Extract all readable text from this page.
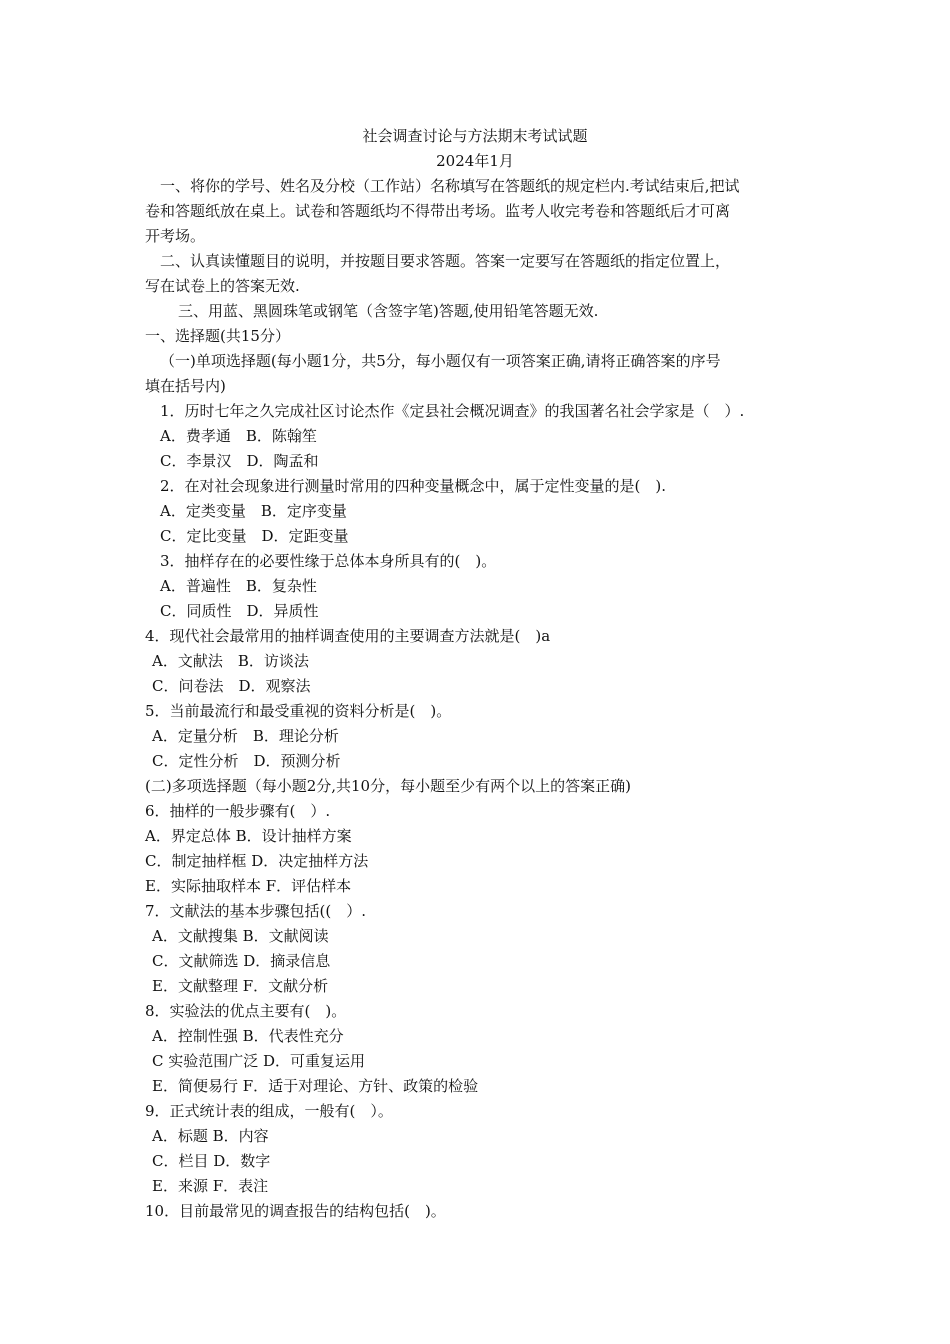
社会调查讨论与方法期末考试试题
2024年1月
一、将你的学号、姓名及分校（工作站）名称填写在答题纸的规定栏内.考试结束后,把试
卷和答题纸放在桌上。试卷和答题纸均不得带出考场。监考人收完考卷和答题纸后才可离
开考场。
二、认真读懂题目的说明，并按题目要求答题。答案一定要写在答题纸的指定位置上，
写在试卷上的答案无效.
三、用蓝、黑圆珠笔或钢笔（含签字笔)答题,使用铅笔答题无效.
一、选择题(共15分）
（一)单项选择题(每小题1分，共5分，每小题仅有一项答案正确,请将正确答案的序号
填在括号内)
1．历时七年之久完成社区讨论杰作《定县社会概况调查》的我国著名社会学家是（　）.
A．费孝通　B．陈翰笙
C．李景汉　D．陶孟和
2．在对社会现象进行测量时常用的四种变量概念中，属于定性变量的是(　).
A．定类变量　B．定序变量
C．定比变量　D．定距变量
3．抽样存在的必要性缘于总体本身所具有的(　)。
A．普遍性　B．复杂性
C．同质性　D．异质性
4．现代社会最常用的抽样调查使用的主要调查方法就是(　)a
A．文献法　B．访谈法
C．问卷法　D．观察法
5．当前最流行和最受重视的资料分析是(　)。
A．定量分析　B．理论分析
C．定性分析　D．预测分析
(二)多项选择题（每小题2分,共10分，每小题至少有两个以上的答案正确)
6．抽样的一般步骤有(　）.
A．界定总体 B．设计抽样方案
C．制定抽样框 D．决定抽样方法
E．实际抽取样本 F．评估样本
7．文献法的基本步骤包括((　）.
A．文献搜集 B．文献阅读
C．文献筛选 D．摘录信息
E．文献整理 F．文献分析
8．实验法的优点主要有(　)。
A．控制性强 B．代表性充分
C 实验范围广泛 D．可重复运用
E．简便易行 F．适于对理论、方针、政策的检验
9．正式统计表的组成，一般有(　）。
A．标题 B．内容
C．栏目 D．数字
E．来源 F．表注
10．目前最常见的调查报告的结构包括(　)。
